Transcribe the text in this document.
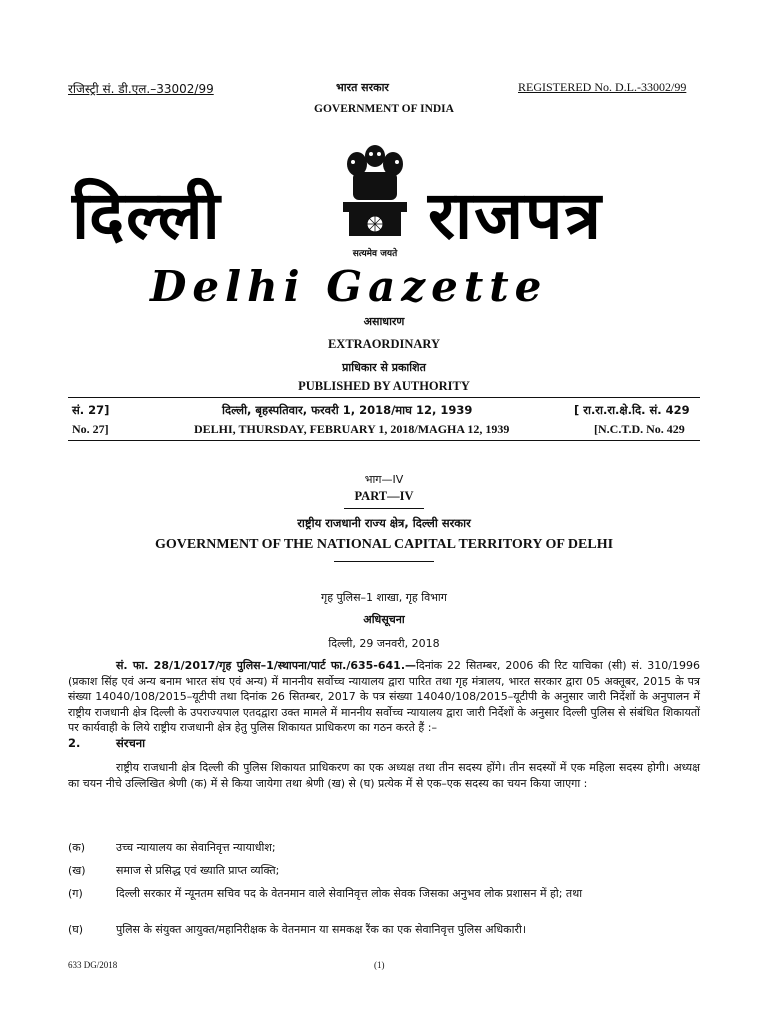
रजिस्ट्री सं. डी.एल.–33002/99	भारत सरकार	REGISTERED No. D.L.-33002/99
GOVERNMENT OF INDIA
दिल्ली	सत्यमेव जयते राजपत्र
Delhi Gazette
असाधारण
EXTRAORDINARY
प्राधिकार से प्रकाशित
PUBLISHED BY AUTHORITY
सं. 27]	दिल्ली, बृहस्पतिवार, फरवरी 1, 2018/माघ 12, 1939	[ रा.रा.रा.क्षे.दि. सं. 429
No. 27]	DELHI, THURSDAY, FEBRUARY 1, 2018/MAGHA 12, 1939	[N.C.T.D. No. 429
भाग—IV
PART—IV
राष्ट्रीय राजधानी राज्य क्षेत्र, दिल्ली सरकार
GOVERNMENT OF THE NATIONAL CAPITAL TERRITORY OF DELHI
गृह पुलिस–1 शाखा, गृह विभाग
अधिसूचना
दिल्ली, 29 जनवरी, 2018
सं. फा. 28/1/2017/गृह पुलिस–1/स्थापना/पार्ट फा./635-641.—दिनांक 22 सितम्बर, 2006 की रिट याचिका (सी) सं. 310/1996 (प्रकाश सिंह एवं अन्य बनाम भारत संघ एवं अन्य) में माननीय सर्वोच्च न्यायालय द्वारा पारित तथा गृह मंत्रालय, भारत सरकार द्वारा 05 अक्तूबर, 2015 के पत्र संख्या 14040/108/2015–यूटीपी तथा दिनांक 26 सितम्बर, 2017 के पत्र संख्या 14040/108/2015–यूटीपी के अनुसार जारी निर्देशों के अनुपालन में राष्ट्रीय राजधानी क्षेत्र दिल्ली के उपराज्यपाल एतदद्वारा उक्त मामले में माननीय सर्वोच्च न्यायालय द्वारा जारी निर्देशों के अनुसार दिल्ली पुलिस से संबंधित शिकायतों पर कार्यवाही के लिये राष्ट्रीय राजधानी क्षेत्र हेतु पुलिस शिकायत प्राधिकरण का गठन करते हैं :–
2.	संरचना
राष्ट्रीय राजधानी क्षेत्र दिल्ली की पुलिस शिकायत प्राधिकरण का एक अध्यक्ष तथा तीन सदस्य होंगे। तीन सदस्यों में एक महिला सदस्य होगी। अध्यक्ष का चयन नीचे उल्लिखित श्रेणी (क) में से किया जायेगा तथा श्रेणी (ख) से (घ) प्रत्येक में से एक–एक सदस्य का चयन किया जाएगा :
(क)	उच्च न्यायालय का सेवानिवृत्त न्यायाधीश;
(ख)	समाज से प्रसिद्ध एवं ख्याति प्राप्त व्यक्ति;
(ग)	दिल्ली सरकार में न्यूनतम सचिव पद के वेतनमान वाले सेवानिवृत्त लोक सेवक जिसका अनुभव लोक प्रशासन में हो; तथा
(घ)	पुलिस के संयुक्त आयुक्त/महानिरीक्षक के वेतनमान या समकक्ष रैंक का एक सेवानिवृत्त पुलिस अधिकारी।
633 DG/2018	(1)
